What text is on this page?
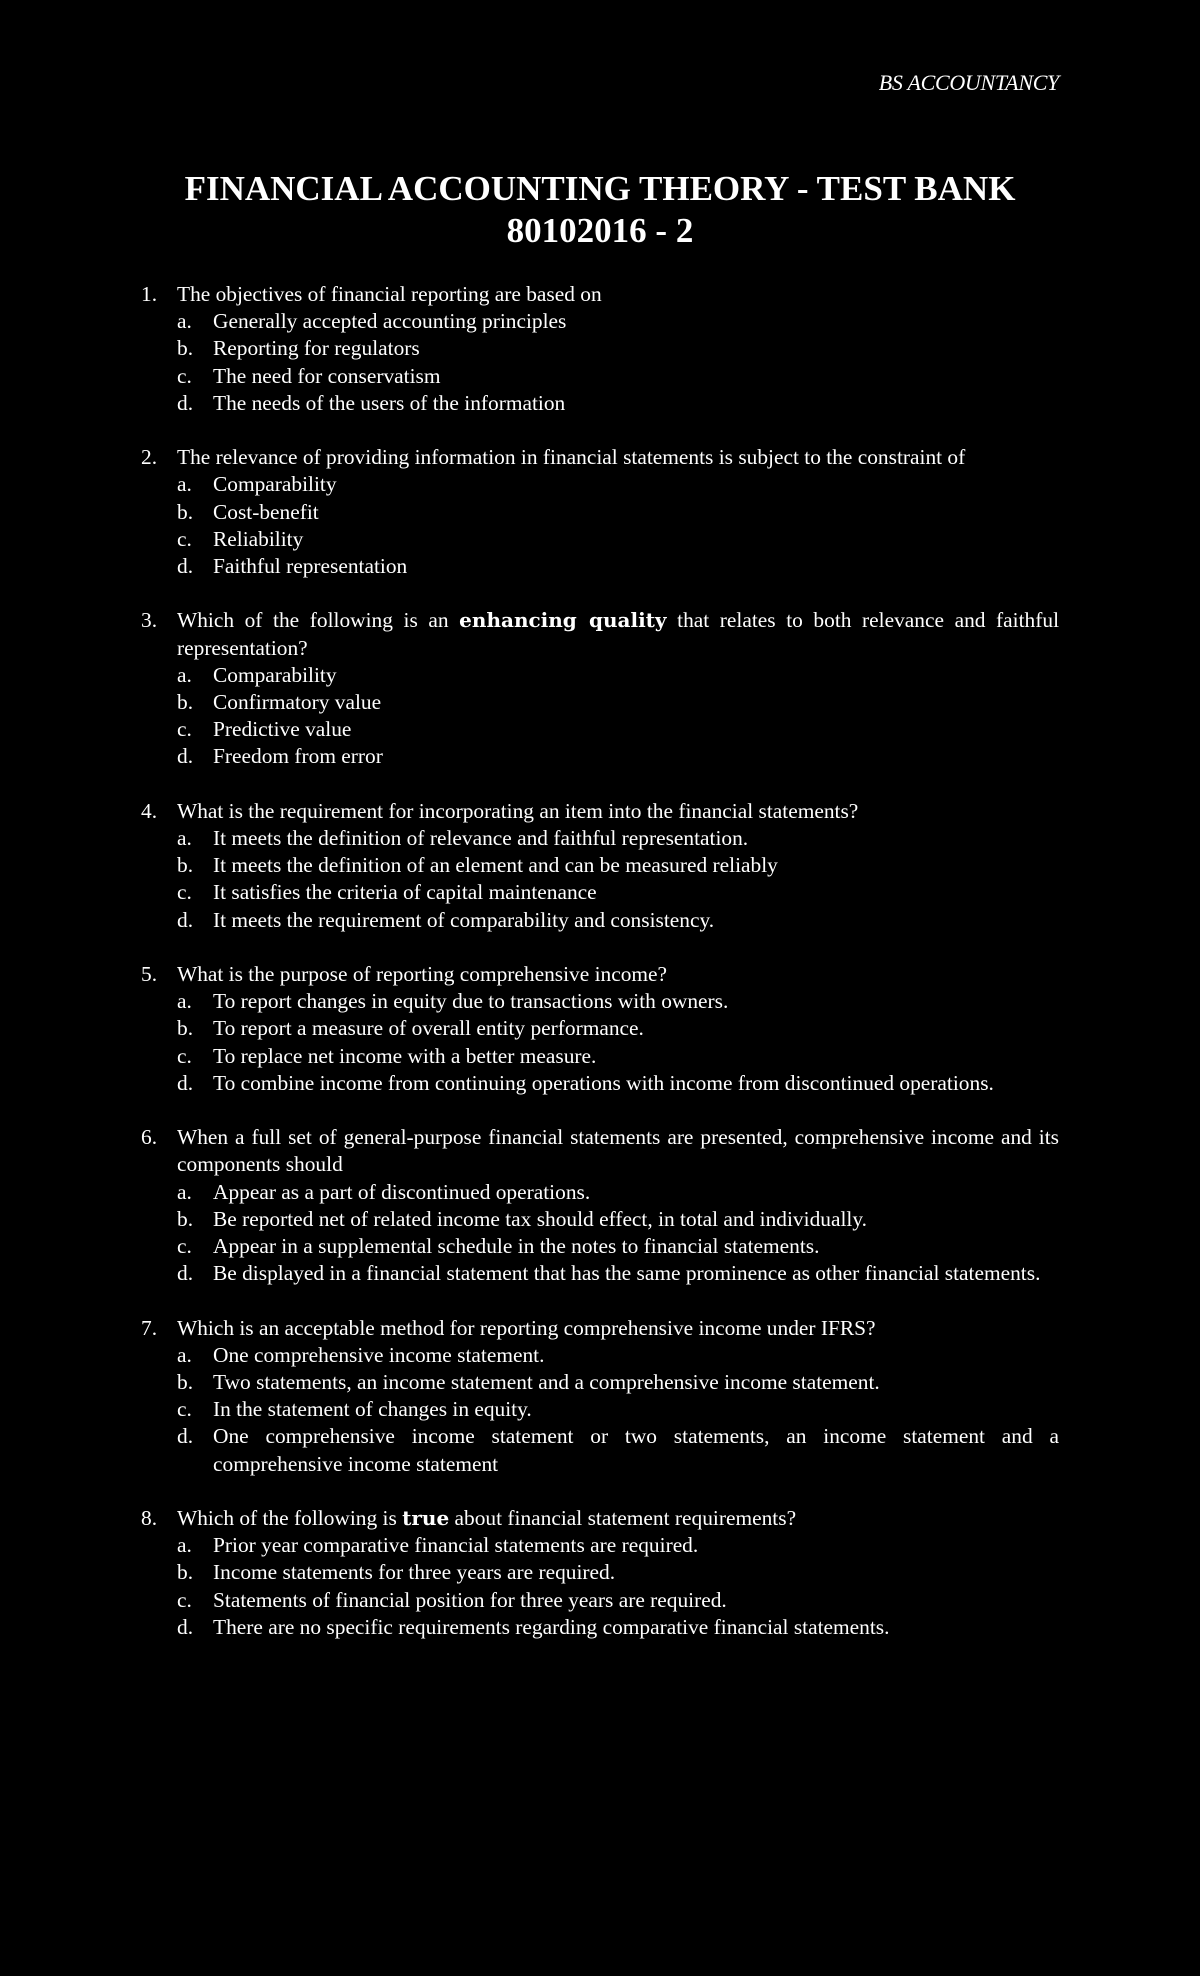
BS ACCOUNTANCY
FINANCIAL ACCOUNTING THEORY - TEST BANK
80102016 - 2
1. The objectives of financial reporting are based on
a. Generally accepted accounting principles
b. Reporting for regulators
c. The need for conservatism
d. The needs of the users of the information
2. The relevance of providing information in financial statements is subject to the constraint of
a. Comparability
b. Cost-benefit
c. Reliability
d. Faithful representation
3. Which of the following is an enhancing quality that relates to both relevance and faithful representation?
a. Comparability
b. Confirmatory value
c. Predictive value
d. Freedom from error
4. What is the requirement for incorporating an item into the financial statements?
a. It meets the definition of relevance and faithful representation.
b. It meets the definition of an element and can be measured reliably
c. It satisfies the criteria of capital maintenance
d. It meets the requirement of comparability and consistency.
5. What is the purpose of reporting comprehensive income?
a. To report changes in equity due to transactions with owners.
b. To report a measure of overall entity performance.
c. To replace net income with a better measure.
d. To combine income from continuing operations with income from discontinued operations.
6. When a full set of general-purpose financial statements are presented, comprehensive income and its components should
a. Appear as a part of discontinued operations.
b. Be reported net of related income tax should effect, in total and individually.
c. Appear in a supplemental schedule in the notes to financial statements.
d. Be displayed in a financial statement that has the same prominence as other financial statements.
7. Which is an acceptable method for reporting comprehensive income under IFRS?
a. One comprehensive income statement.
b. Two statements, an income statement and a comprehensive income statement.
c. In the statement of changes in equity.
d. One comprehensive income statement or two statements, an income statement and a comprehensive income statement
8. Which of the following is true about financial statement requirements?
a. Prior year comparative financial statements are required.
b. Income statements for three years are required.
c. Statements of financial position for three years are required.
d. There are no specific requirements regarding comparative financial statements.
